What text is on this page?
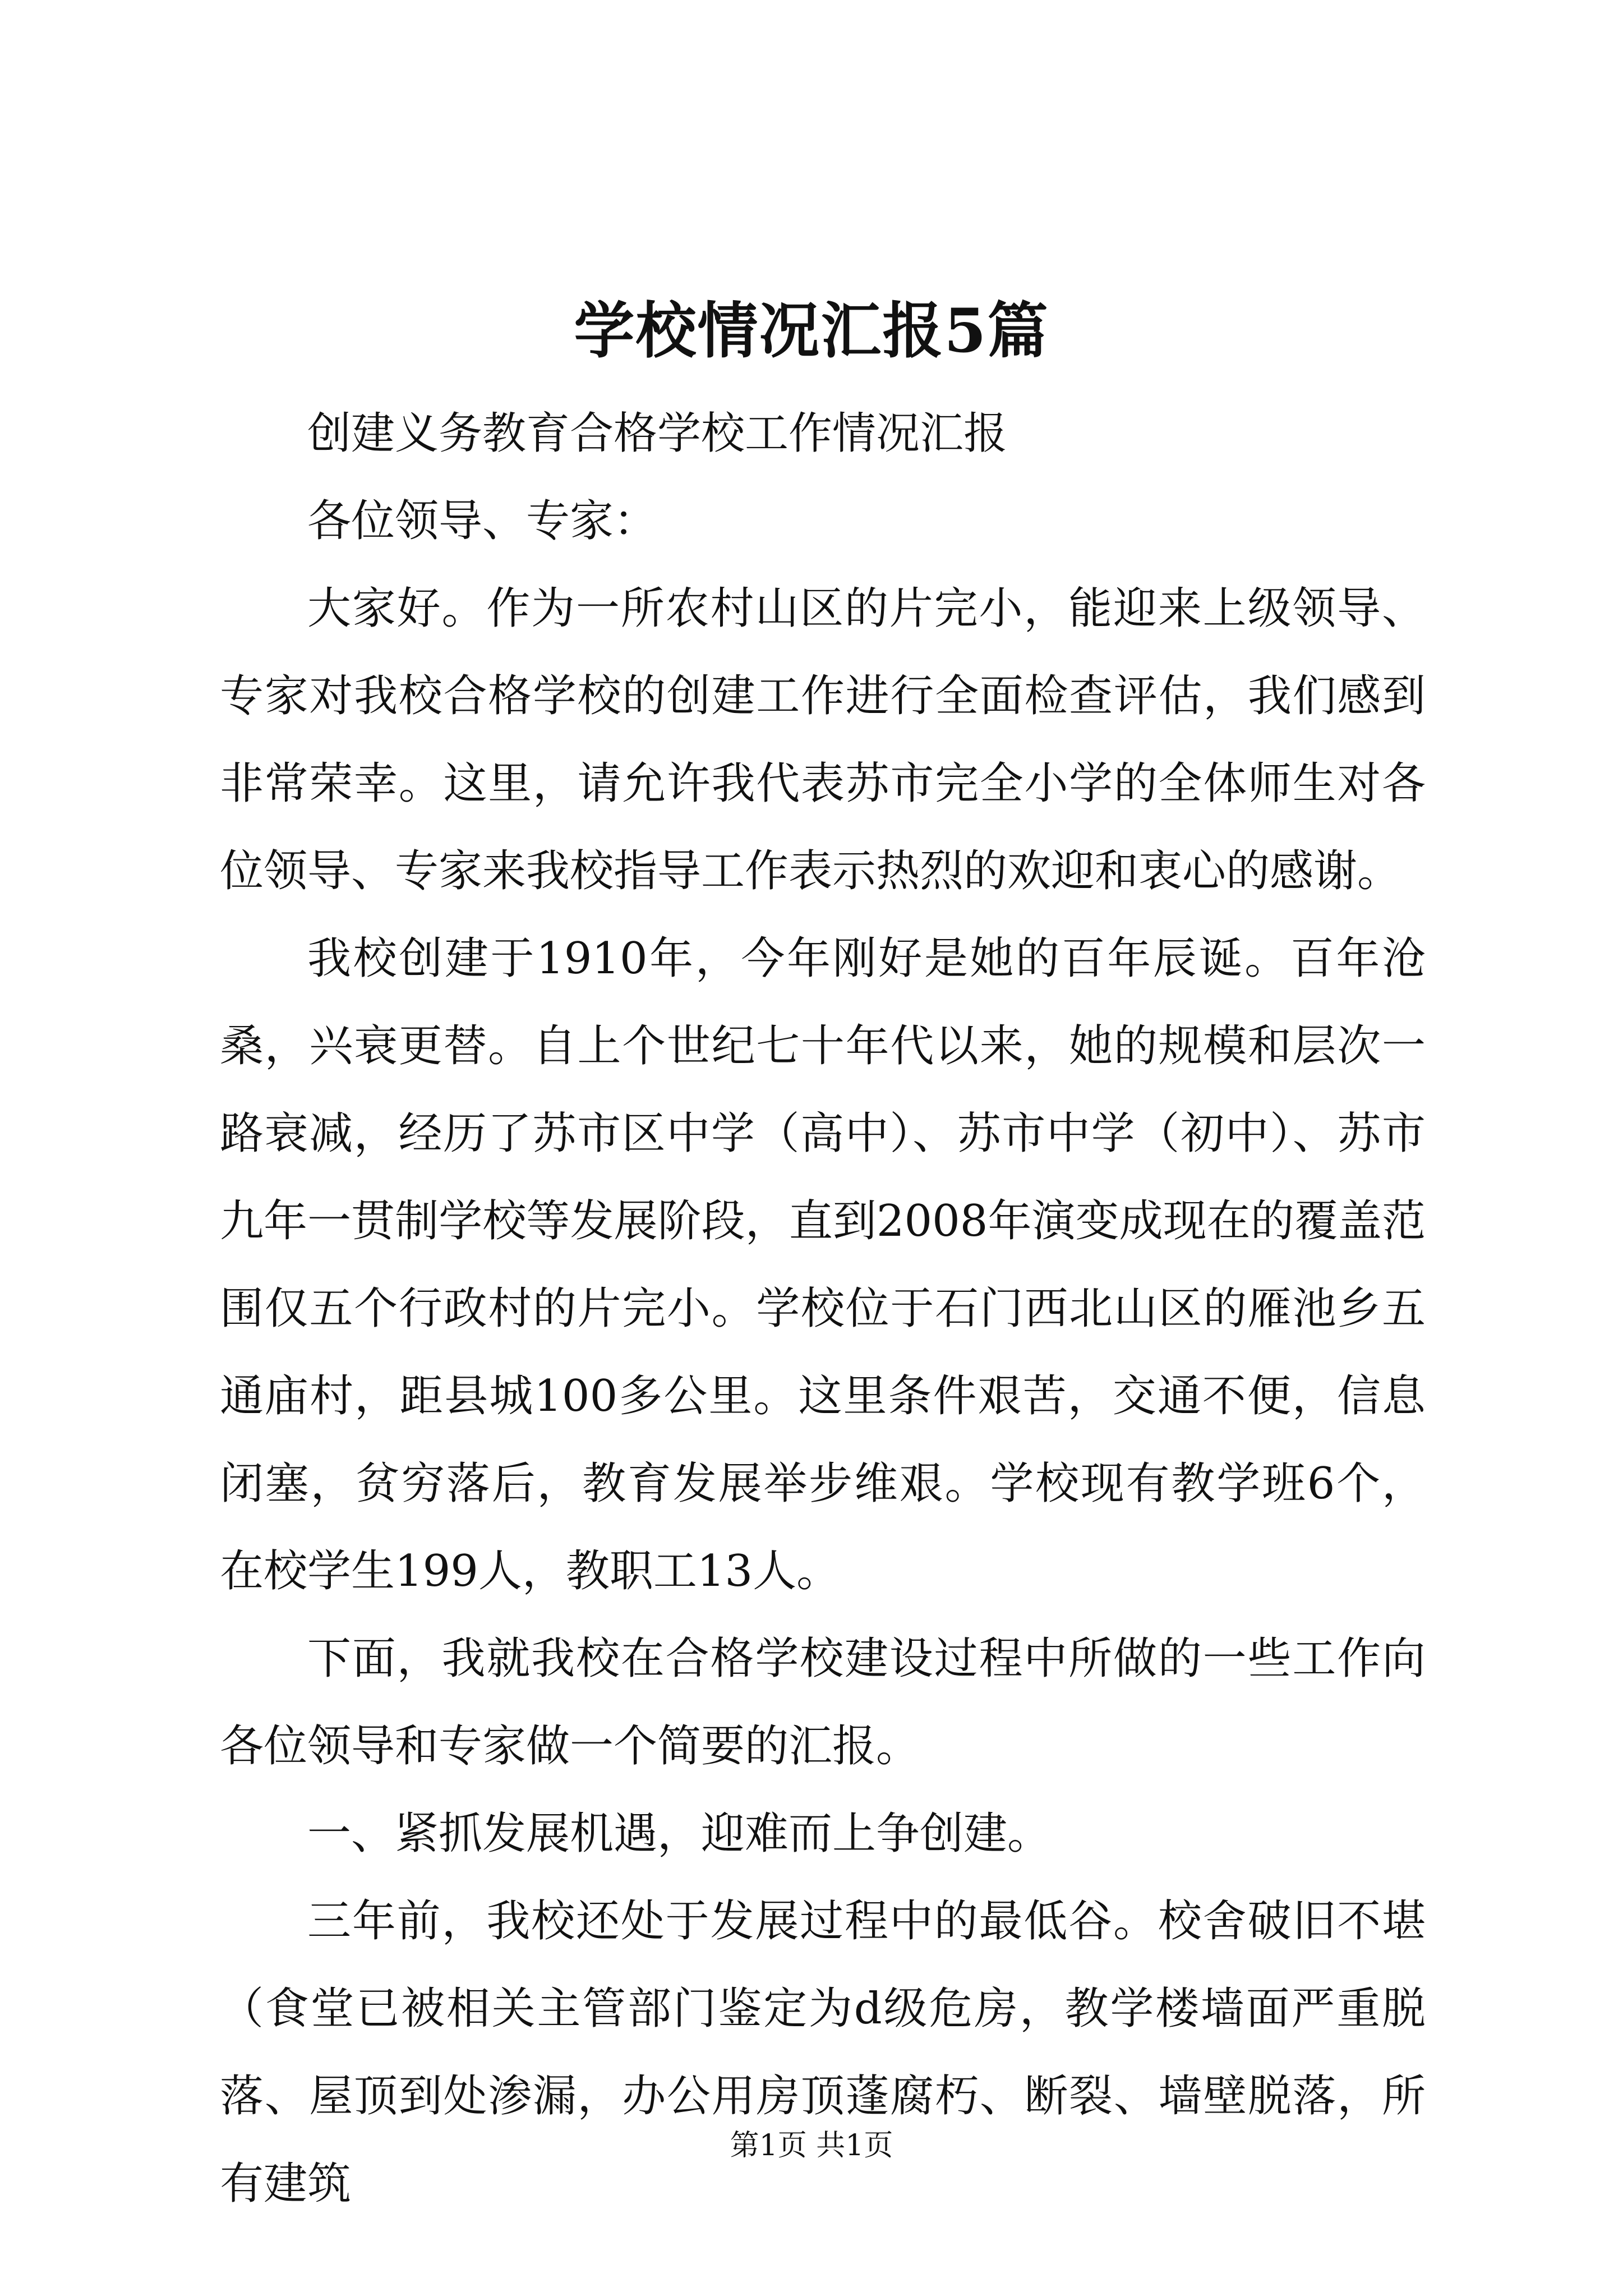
学校情况汇报5篇

创建义务教育合格学校工作情况汇报

各位领导、专家：

大家好。作为一所农村山区的片完小，能迎来上级领导、专家对我校合格学校的创建工作进行全面检查评估，我们感到非常荣幸。这里，请允许我代表苏市完全小学的全体师生对各位领导、专家来我校指导工作表示热烈的欢迎和衷心的感谢。

我校创建于1910年，今年刚好是她的百年辰诞。百年沧桑，兴衰更替。自上个世纪七十年代以来，她的规模和层次一路衰减，经历了苏市区中学（高中）、苏市中学（初中）、苏市九年一贯制学校等发展阶段，直到2008年演变成现在的覆盖范围仅五个行政村的片完小。学校位于石门西北山区的雁池乡五通庙村，距县城100多公里。这里条件艰苦，交通不便，信息闭塞，贫穷落后，教育发展举步维艰。学校现有教学班6个，在校学生199人，教职工13人。

下面，我就我校在合格学校建设过程中所做的一些工作向各位领导和专家做一个简要的汇报。

一、紧抓发展机遇，迎难而上争创建。

三年前，我校还处于发展过程中的最低谷。校舍破旧不堪（食堂已被相关主管部门鉴定为d级危房，教学楼墙面严重脱落、屋顶到处渗漏，办公用房顶蓬腐朽、断裂、墙壁脱落，所有建筑

第1页 共1页
